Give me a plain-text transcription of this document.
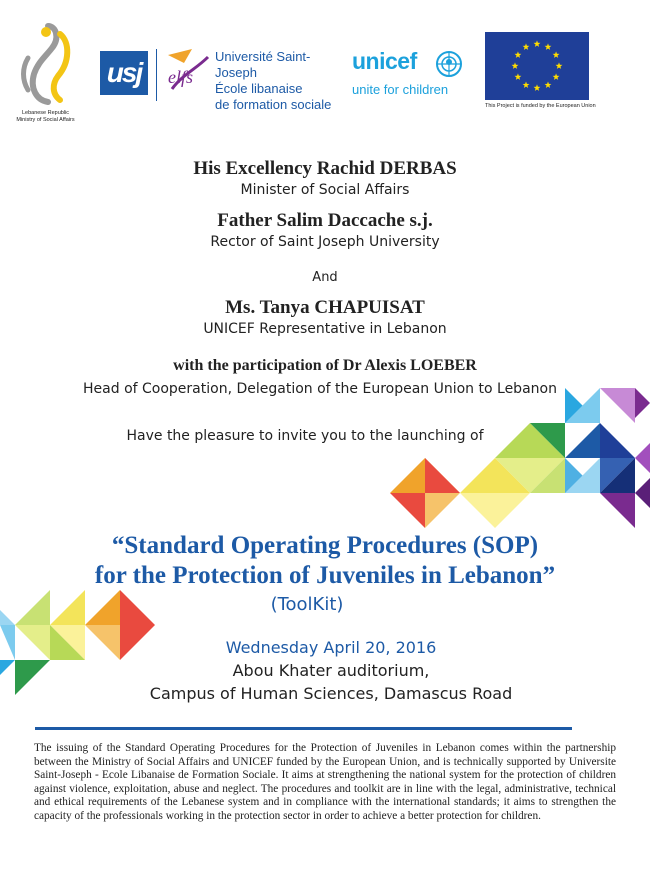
Lebanese Republic
Ministry of Social Affairs
usj	elfs
Université Saint-Joseph
École libanaise
de formation sociale
unicef
unite for children
This Project is funded by the European Union
His Excellency Rachid DERBAS
Minister of Social Affairs
Father Salim Daccache s.j.
Rector of Saint Joseph University
And
Ms. Tanya CHAPUISAT
UNICEF Representative in Lebanon
with the participation of Dr Alexis LOEBER
Head of Cooperation, Delegation of the European Union to Lebanon
Have the pleasure to invite you to the launching of
“Standard Operating Procedures (SOP)
for the Protection of Juveniles in Lebanon”
(ToolKit)
Wednesday April 20, 2016
Abou Khater auditorium,
Campus of Human Sciences, Damascus Road
The issuing of the Standard Operating Procedures for the Protection of Juveniles in Lebanon comes within the partnership between the Ministry of Social Affairs and UNICEF funded by the European Union, and is technically supported by Universite Saint-Joseph - Ecole Libanaise de Formation Sociale. It aims at strengthening the national system for the protection of children against violence, exploitation, abuse and neglect. The procedures and toolkit are in line with the legal, administrative, technical and ethical requirements of the Lebanese system and in compliance with the international standards; it aims to strengthen the capacity of the professionals working in the protection sector in order to achieve a better protection for children.
